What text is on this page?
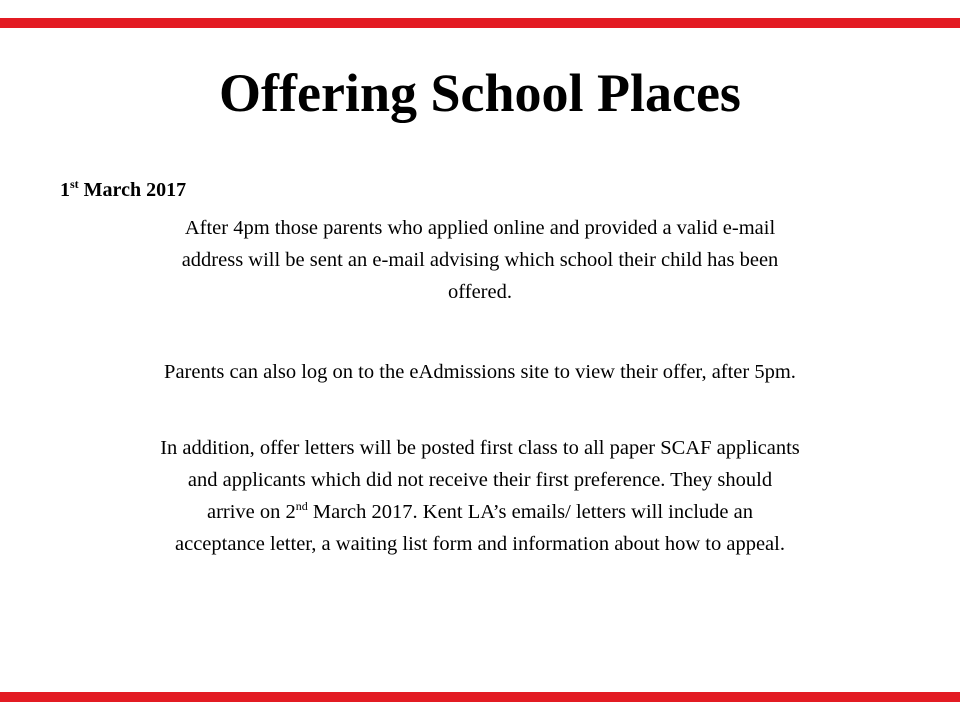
Offering School Places

1st March 2017

After 4pm those parents who applied online and provided a valid e-mail
address will be sent an e-mail advising which school their child has been
offered.

Parents can also log on to the eAdmissions site to view their offer, after 5pm.

In addition, offer letters will be posted first class to all paper SCAF applicants
and applicants which did not receive their first preference. They should
arrive on 2nd March 2017. Kent LA’s emails/ letters will include an
acceptance letter, a waiting list form and information about how to appeal.
